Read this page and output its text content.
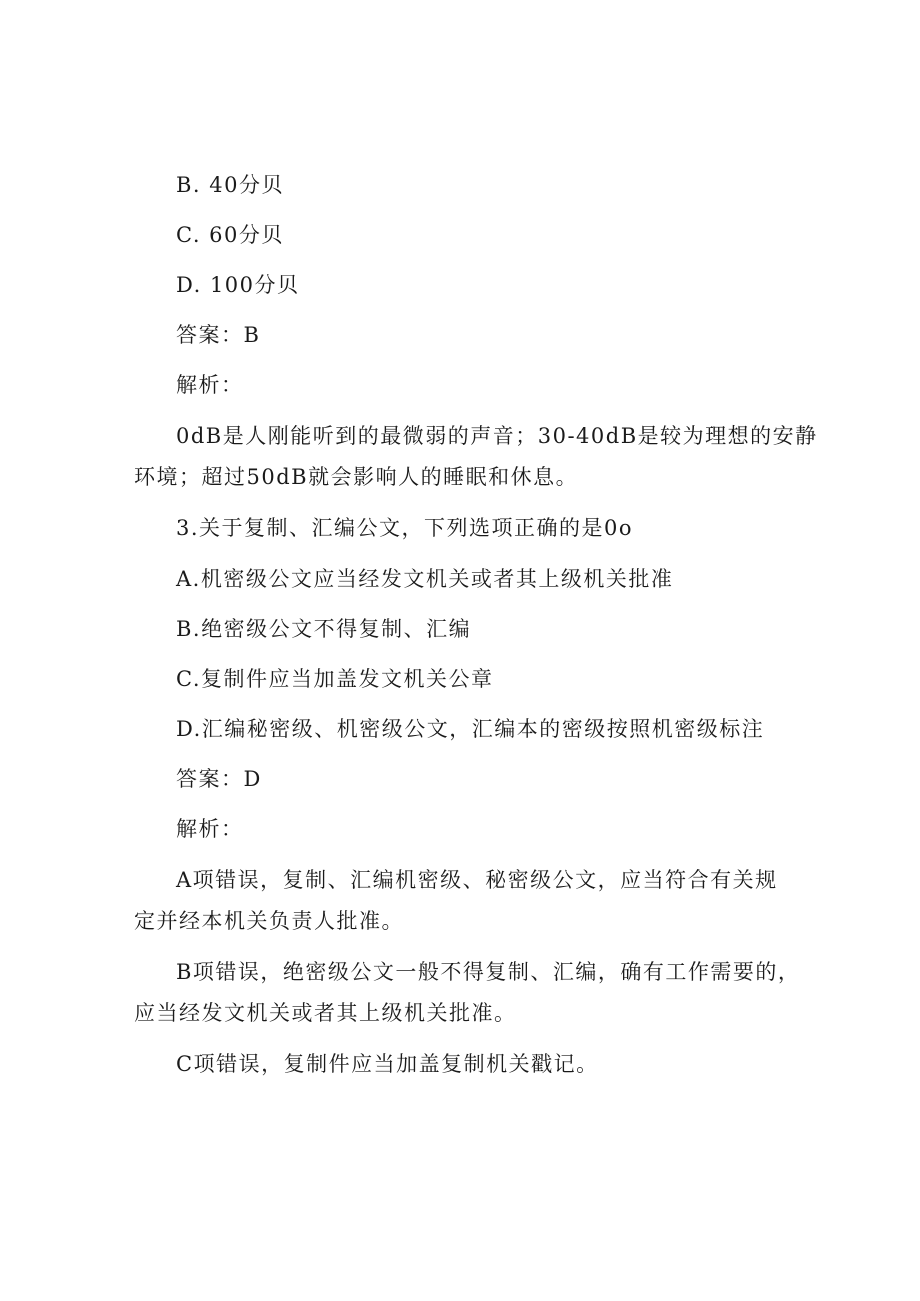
B. 40分贝
C. 60分贝
D. 100分贝
答案：B
解析：
0dB是人刚能听到的最微弱的声音；30-40dB是较为理想的安静
环境；超过50dB就会影响人的睡眠和休息。
3.关于复制、汇编公文，下列选项正确的是0o
A.机密级公文应当经发文机关或者其上级机关批准
B.绝密级公文不得复制、汇编
C.复制件应当加盖发文机关公章
D.汇编秘密级、机密级公文，汇编本的密级按照机密级标注
答案：D
解析：
A项错误，复制、汇编机密级、秘密级公文，应当符合有关规
定并经本机关负责人批准。
B项错误，绝密级公文一般不得复制、汇编，确有工作需要的，
应当经发文机关或者其上级机关批准。
C项错误，复制件应当加盖复制机关戳记。
